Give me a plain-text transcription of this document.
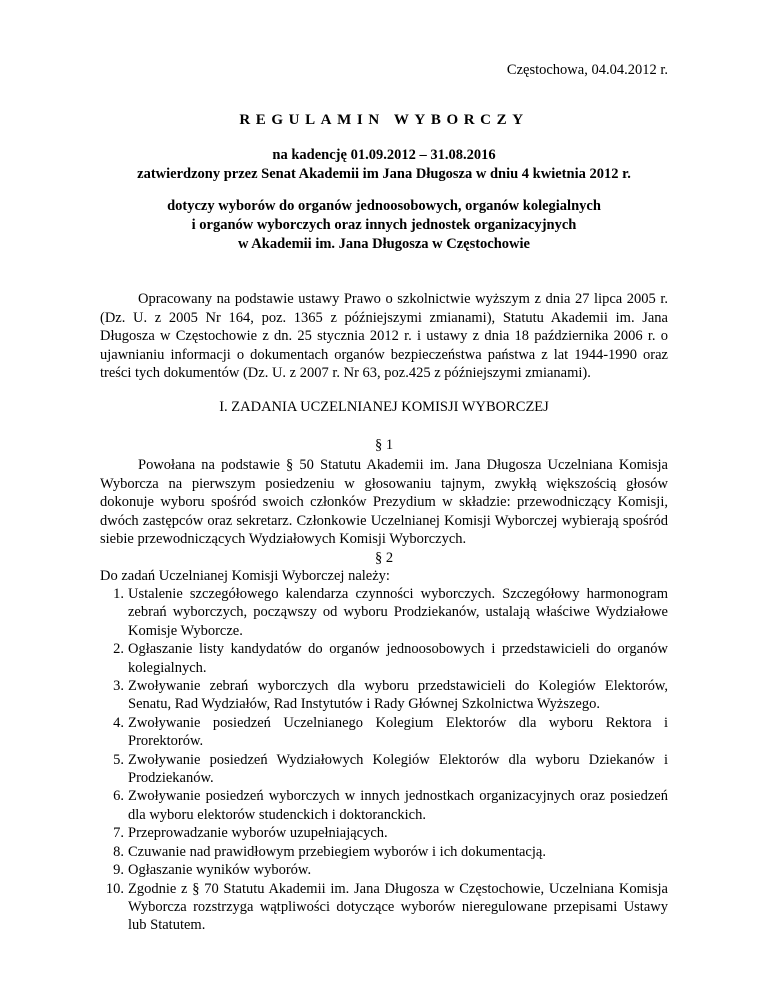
Częstochowa, 04.04.2012 r.
REGULAMIN WYBORCZY
na kadencję 01.09.2012 – 31.08.2016
zatwierdzony przez Senat Akademii im Jana Długosza w dniu 4 kwietnia 2012 r.
dotyczy wyborów do organów jednoosobowych, organów kolegialnych
i organów wyborczych oraz innych jednostek organizacyjnych
w Akademii im. Jana Długosza w Częstochowie

Opracowany na podstawie ustawy Prawo o szkolnictwie wyższym z dnia 27 lipca 2005 r. (Dz. U. z 2005 Nr 164, poz. 1365 z późniejszymi zmianami), Statutu Akademii im. Jana Długosza w Częstochowie z dn. 25 stycznia 2012 r. i ustawy z dnia 18 października 2006 r. o ujawnianiu informacji o dokumentach organów bezpieczeństwa państwa z lat 1944-1990 oraz treści tych dokumentów (Dz. U. z 2007 r. Nr 63, poz.425 z późniejszymi zmianami).

I. ZADANIA UCZELNIANEJ KOMISJI WYBORCZEJ
§ 1

Powołana na podstawie § 50 Statutu Akademii im. Jana Długosza Uczelniana Komisja Wyborcza na pierwszym posiedzeniu w głosowaniu tajnym, zwykłą większością głosów dokonuje wyboru spośród swoich członków Prezydium w składzie: przewodniczący Komisji, dwóch zastępców oraz sekretarz. Członkowie Uczelnianej Komisji Wyborczej wybierają spośród siebie przewodniczących Wydziałowych Komisji Wyborczych.

§ 2
Do zadań Uczelnianej Komisji Wyborczej należy:
1. Ustalenie szczegółowego kalendarza czynności wyborczych. Szczegółowy harmonogram zebrań wyborczych, począwszy od wyboru Prodziekanów, ustalają właściwe Wydziałowe Komisje Wyborcze.
2. Ogłaszanie listy kandydatów do organów jednoosobowych i przedstawicieli do organów kolegialnych.
3. Zwoływanie zebrań wyborczych dla wyboru przedstawicieli do Kolegiów Elektorów, Senatu, Rad Wydziałów, Rad Instytutów i Rady Głównej Szkolnictwa Wyższego.
4. Zwoływanie posiedzeń Uczelnianego Kolegium Elektorów dla wyboru Rektora i Prorektorów.
5. Zwoływanie posiedzeń Wydziałowych Kolegiów Elektorów dla wyboru Dziekanów i Prodziekanów.
6. Zwoływanie posiedzeń wyborczych w innych jednostkach organizacyjnych oraz posiedzeń dla wyboru elektorów studenckich i doktoranckich.
7. Przeprowadzanie wyborów uzupełniających.
8. Czuwanie nad prawidłowym przebiegiem wyborów i ich dokumentacją.
9. Ogłaszanie wyników wyborów.
10. Zgodnie z § 70 Statutu Akademii im. Jana Długosza w Częstochowie, Uczelniana Komisja Wyborcza rozstrzyga wątpliwości dotyczące wyborów nieregulowane przepisami Ustawy lub Statutem.
